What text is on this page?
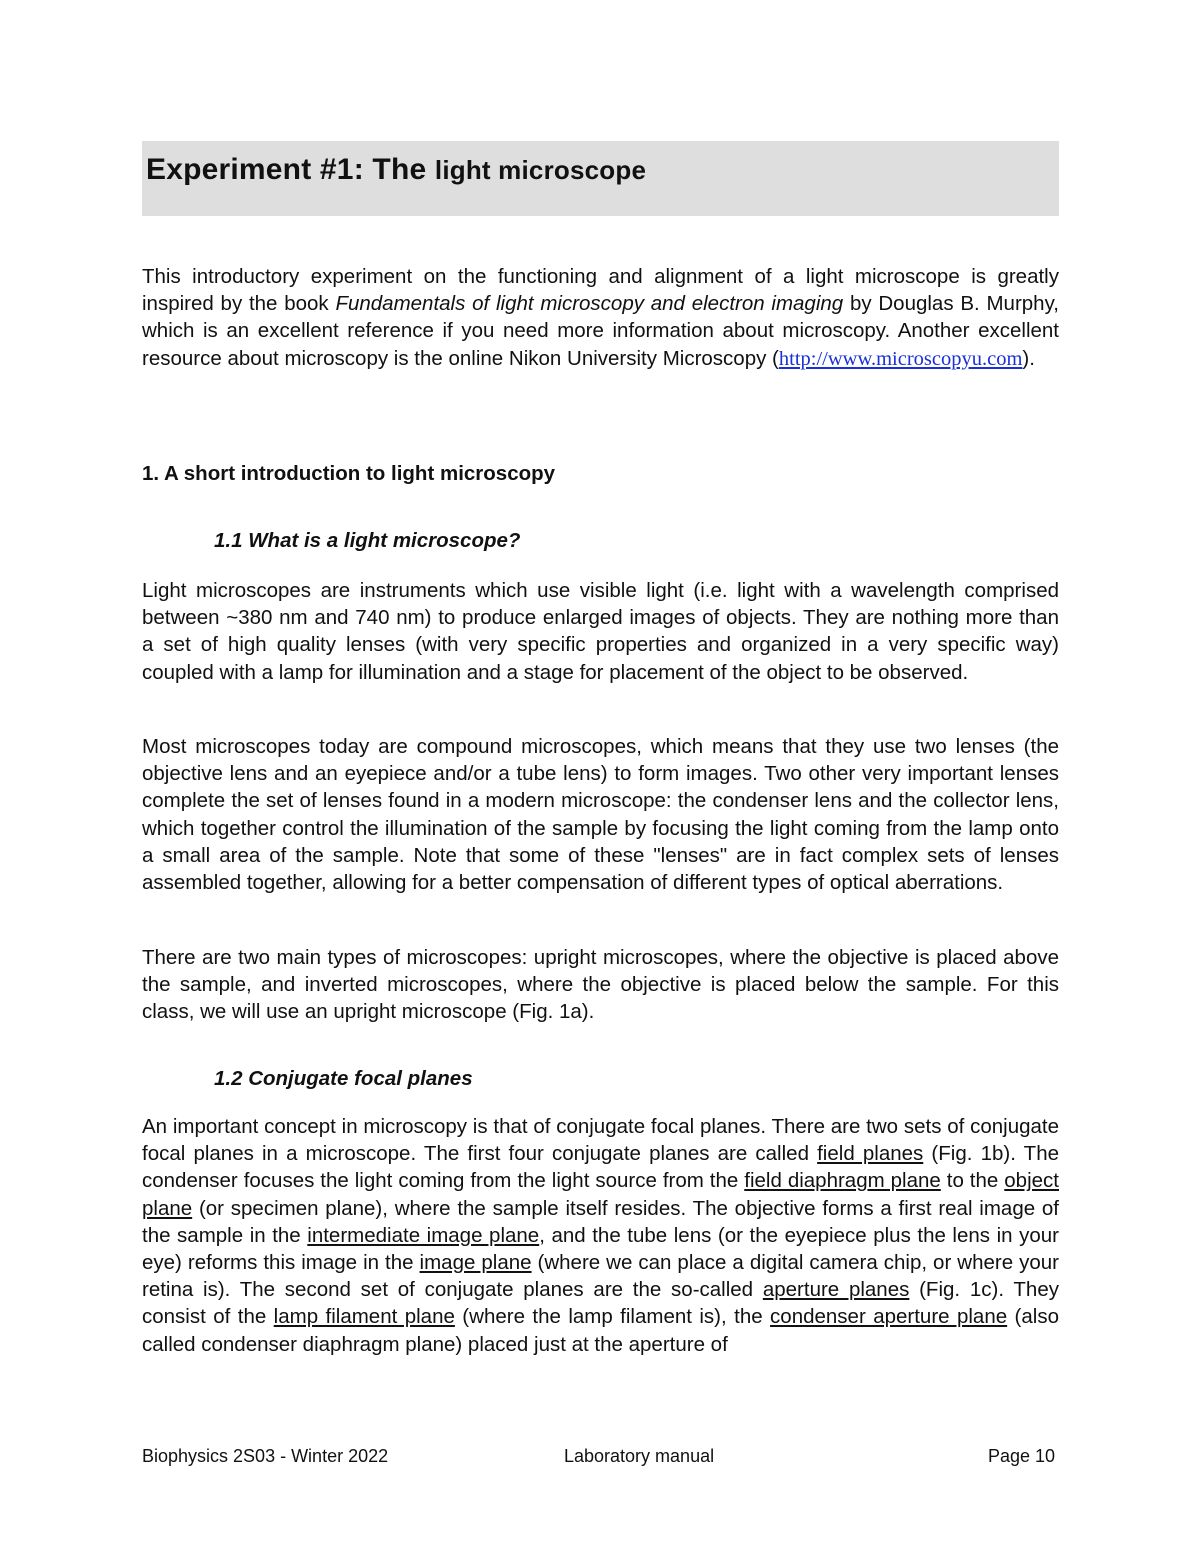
Experiment #1: The light microscope

This introductory experiment on the functioning and alignment of a light microscope is greatly inspired by the book Fundamentals of light microscopy and electron imaging by Douglas B. Murphy, which is an excellent reference if you need more information about microscopy. Another excellent resource about microscopy is the online Nikon University Microscopy (http://www.microscopyu.com).

1. A short introduction to light microscopy
1.1 What is a light microscope?

Light microscopes are instruments which use visible light (i.e. light with a wavelength comprised between ~380 nm and 740 nm) to produce enlarged images of objects. They are nothing more than a set of high quality lenses (with very specific properties and organized in a very specific way) coupled with a lamp for illumination and a stage for placement of the object to be observed.

Most microscopes today are compound microscopes, which means that they use two lenses (the objective lens and an eyepiece and/or a tube lens) to form images. Two other very important lenses complete the set of lenses found in a modern microscope: the condenser lens and the collector lens, which together control the illumination of the sample by focusing the light coming from the lamp onto a small area of the sample. Note that some of these "lenses" are in fact complex sets of lenses assembled together, allowing for a better compensation of different types of optical aberrations.

There are two main types of microscopes: upright microscopes, where the objective is placed above the sample, and inverted microscopes, where the objective is placed below the sample. For this class, we will use an upright microscope (Fig. 1a).

1.2 Conjugate focal planes

An important concept in microscopy is that of conjugate focal planes. There are two sets of conjugate focal planes in a microscope. The first four conjugate planes are called field planes (Fig. 1b). The condenser focuses the light coming from the light source from the field diaphragm plane to the object plane (or specimen plane), where the sample itself resides. The objective forms a first real image of the sample in the intermediate image plane, and the tube lens (or the eyepiece plus the lens in your eye) reforms this image in the image plane (where we can place a digital camera chip, or where your retina is). The second set of conjugate planes are the so-called aperture planes (Fig. 1c). They consist of the lamp filament plane (where the lamp filament is), the condenser aperture plane (also called condenser diaphragm plane) placed just at the aperture of

Biophysics 2S03 - Winter 2022	Laboratory manual	Page 10
